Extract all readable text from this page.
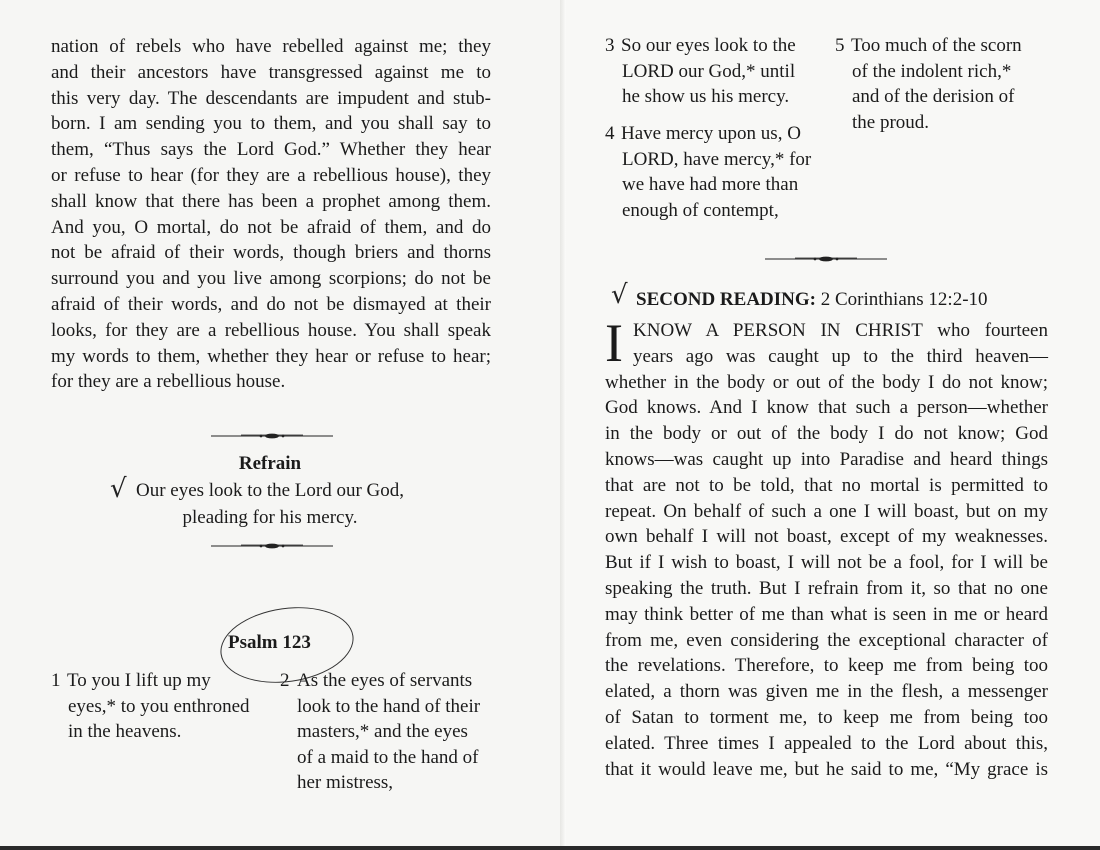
nation of rebels who have rebelled against me; they
and their ancestors have transgressed against me to
this very day. The descendants are impudent and stub-
born. I am sending you to them, and you shall say to
them, “Thus says the Lord God.” Whether they hear
or refuse to hear (for they are a rebellious house), they
shall know that there has been a prophet among them.
And you, O mortal, do not be afraid of them, and do
not be afraid of their words, though briers and thorns
surround you and you live among scorpions; do not be
afraid of their words, and do not be dismayed at their
looks, for they are a rebellious house. You shall speak
my words to them, whether they hear or refuse to hear;
for they are a rebellious house.
Refrain
√ Our eyes look to the Lord our God,
pleading for his mercy.
Psalm 123
1 To you I lift up my
eyes,* to you enthroned
in the heavens.
2 As the eyes of servants
look to the hand of their
masters,* and the eyes
of a maid to the hand of
her mistress,
3 So our eyes look to the
LORD our God,* until
he show us his mercy.
4 Have mercy upon us, O
LORD, have mercy,* for
we have had more than
enough of contempt,
5 Too much of the scorn
of the indolent rich,*
and of the derision of
the proud.
√ SECOND READING: 2 Corinthians 12:2-10
I KNOW A PERSON IN CHRIST who fourteen
years ago was caught up to the third heaven—
whether in the body or out of the body I do not know;
God knows. And I know that such a person—whether
in the body or out of the body I do not know; God
knows—was caught up into Paradise and heard things
that are not to be told, that no mortal is permitted to
repeat. On behalf of such a one I will boast, but on my
own behalf I will not boast, except of my weaknesses.
But if I wish to boast, I will not be a fool, for I will be
speaking the truth. But I refrain from it, so that no one
may think better of me than what is seen in me or heard
from me, even considering the exceptional character of
the revelations. Therefore, to keep me from being too
elated, a thorn was given me in the flesh, a messenger
of Satan to torment me, to keep me from being too
elated. Three times I appealed to the Lord about this,
that it would leave me, but he said to me, “My grace is
